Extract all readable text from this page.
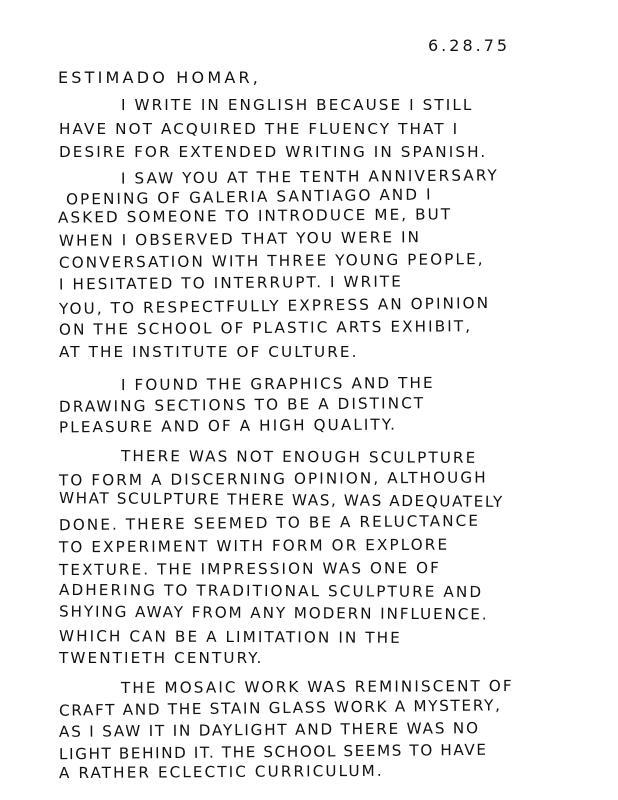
6.28.75
ESTIMADO HOMAR,
I WRITE IN ENGLISH BECAUSE I STILL
HAVE NOT ACQUIRED THE FLUENCY THAT I
DESIRE FOR EXTENDED WRITING IN SPANISH.
I SAW YOU AT THE TENTH ANNIVERSARY
OPENING OF GALERIA SANTIAGO AND I
ASKED SOMEONE TO INTRODUCE ME, BUT
WHEN I OBSERVED THAT YOU WERE IN
CONVERSATION WITH THREE YOUNG PEOPLE,
I HESITATED TO INTERRUPT. I WRITE
YOU, TO RESPECTFULLY EXPRESS AN OPINION
ON THE SCHOOL OF PLASTIC ARTS EXHIBIT,
AT THE INSTITUTE OF CULTURE.
I FOUND THE GRAPHICS AND THE
DRAWING SECTIONS TO BE A DISTINCT
PLEASURE AND OF A HIGH QUALITY.
THERE WAS NOT ENOUGH SCULPTURE
TO FORM A DISCERNING OPINION, ALTHOUGH
WHAT SCULPTURE THERE WAS, WAS ADEQUATELY
DONE. THERE SEEMED TO BE A RELUCTANCE
TO EXPERIMENT WITH FORM OR EXPLORE
TEXTURE. THE IMPRESSION WAS ONE OF
ADHERING TO TRADITIONAL SCULPTURE AND
SHYING AWAY FROM ANY MODERN INFLUENCE.
WHICH CAN BE A LIMITATION IN THE
TWENTIETH CENTURY.
THE MOSAIC WORK WAS REMINISCENT OF
CRAFT AND THE STAIN GLASS WORK A MYSTERY,
AS I SAW IT IN DAYLIGHT AND THERE WAS NO
LIGHT BEHIND IT. THE SCHOOL SEEMS TO HAVE
A RATHER ECLECTIC CURRICULUM.
